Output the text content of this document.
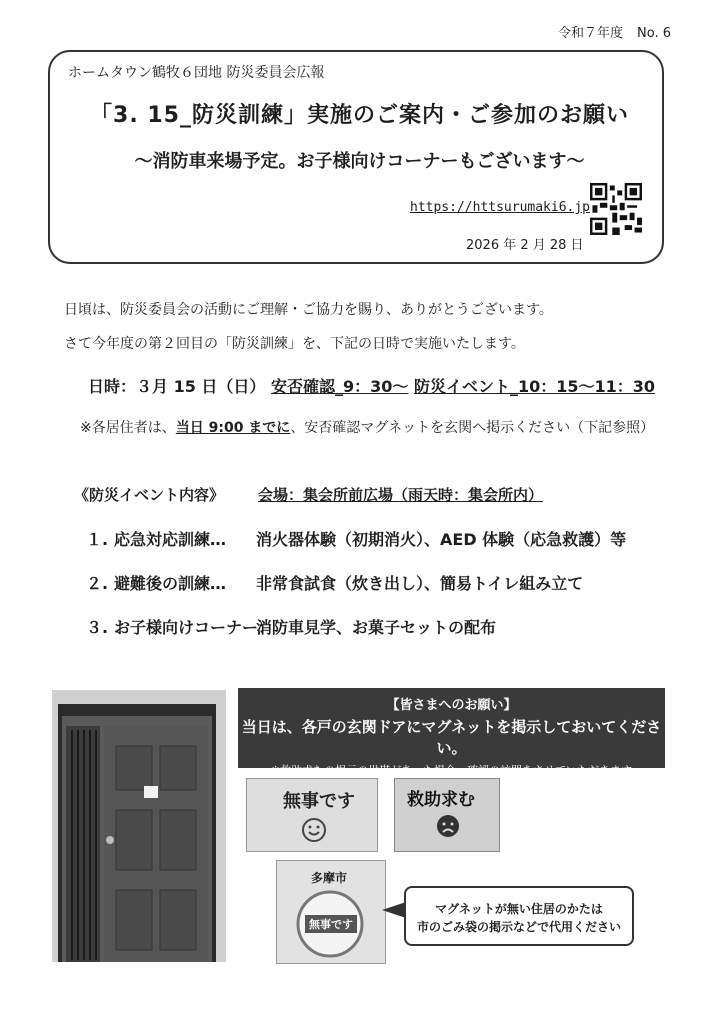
令和７年度 No. 6
ホームタウン鶴牧６団地 防災委員会広報
「3. 15_防災訓練」実施のご案内・ご参加のお願い
～消防車来場予定。お子様向けコーナーもございます～
https://httsurumaki6.jp
2026 年 2 月 28 日
日頃は、防災委員会の活動にご理解・ご協力を賜り、ありがとうございます。
さて今年度の第２回目の「防災訓練」を、下記の日時で実施いたします。
日時：３月 15 日（日） 安否確認_9：30～ 防災イベント_10：15～11：30
※各居住者は、当日 9:00 までに、安否確認マグネットを玄関へ掲示ください（下記参照）
《防災イベント内容》 会場：集会所前広場（雨天時：集会所内）
１. 応急対応訓練… 消火器体験（初期消火）、AED 体験（応急救護）等
２. 避難後の訓練… 非常食試食（炊き出し）、簡易トイレ組み立て
３. お子様向けコーナー：
消防車見学、お菓子セットの配布
【皆さまへのお願い】
当日は、各戸の玄関ドアにマグネットを掲示しておいてください。
※救助求むの掲示の世帯があった場合、確認の訪問をさせていただきます
無事です	救助求む
多摩市
無事です
マグネットが無い住居のかたは
市のごみ袋の掲示などで代用ください
